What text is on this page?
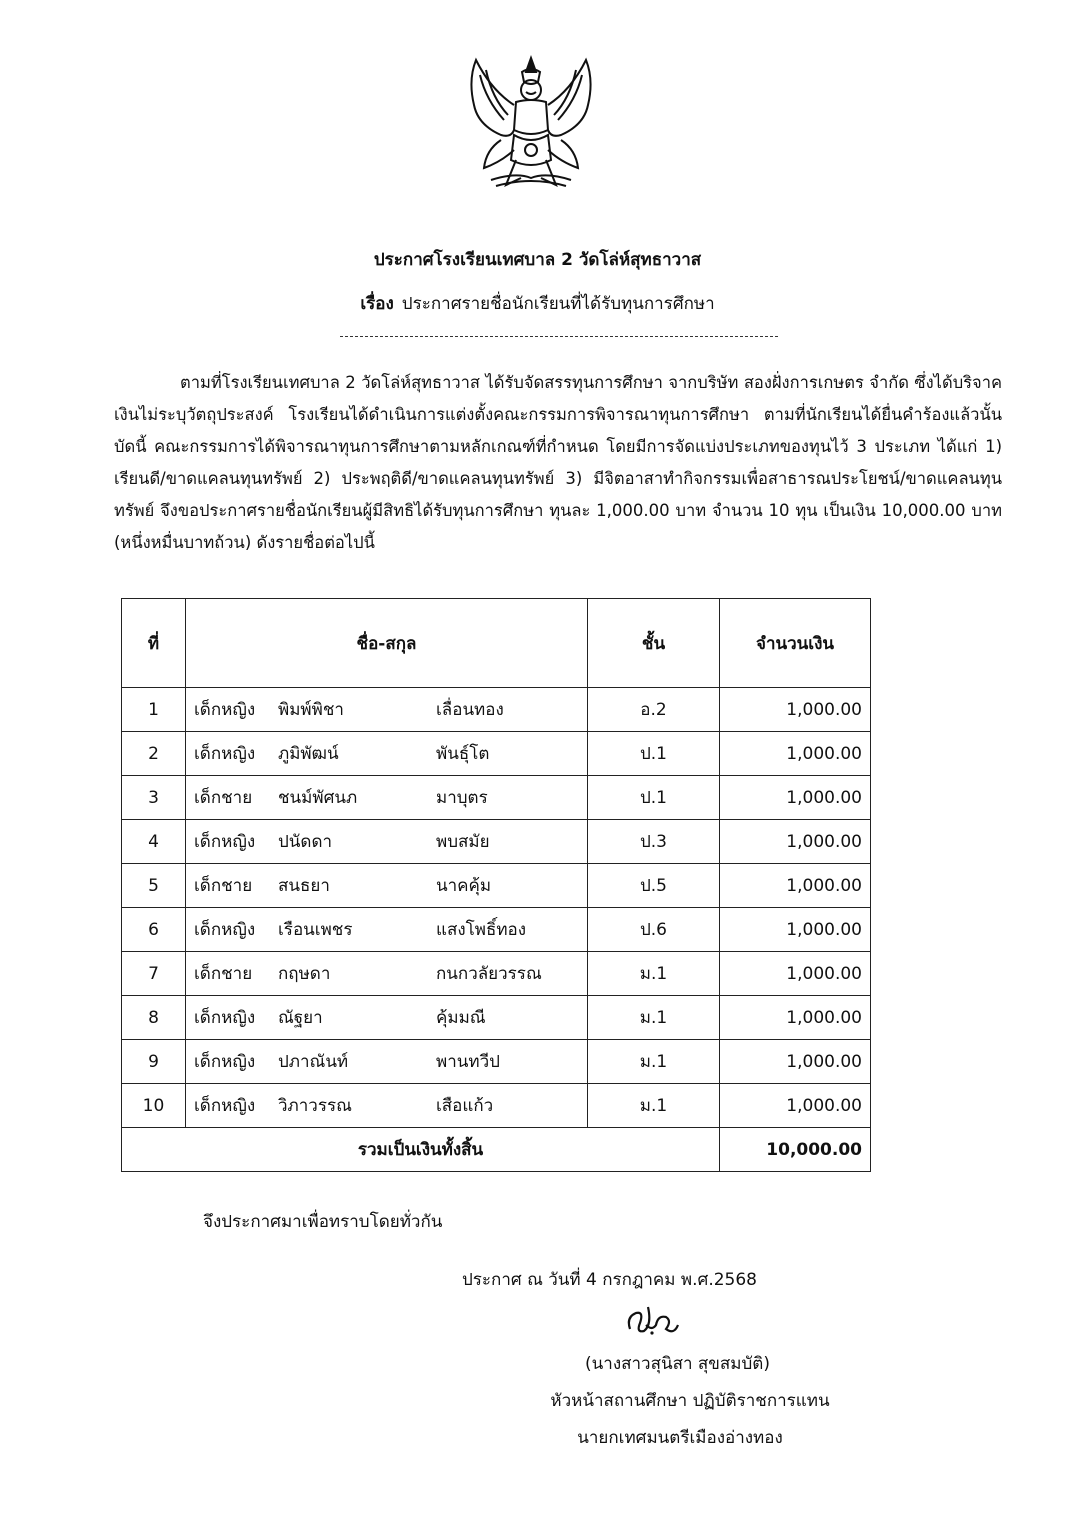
ประกาศโรงเรียนเทศบาล 2 วัดโล่ห์สุทธาวาส
เรื่อง ประกาศรายชื่อนักเรียนที่ได้รับทุนการศึกษา

ตามที่โรงเรียนเทศบาล 2 วัดโล่ห์สุทธาวาส ได้รับจัดสรรทุนการศึกษา จากบริษัท สองฝั่งการเกษตร จำกัด ซึ่งได้บริจาคเงินไม่ระบุวัตถุประสงค์ โรงเรียนได้ดำเนินการแต่งตั้งคณะกรรมการพิจารณาทุนการศึกษา ตามที่นักเรียนได้ยื่นคำร้องแล้วนั้น บัดนี้ คณะกรรมการได้พิจารณาทุนการศึกษาตามหลักเกณฑ์ที่กำหนด โดยมีการจัดแบ่งประเภทของทุนไว้ 3 ประเภท ได้แก่ 1) เรียนดี/ขาดแคลนทุนทรัพย์ 2) ประพฤติดี/ขาดแคลนทุนทรัพย์ 3) มีจิตอาสาทำกิจกรรมเพื่อสาธารณประโยชน์/ขาดแคลนทุนทรัพย์ จึงขอประกาศรายชื่อนักเรียนผู้มีสิทธิได้รับทุนการศึกษา ทุนละ 1,000.00 บาท จำนวน 10 ทุน เป็นเงิน 10,000.00 บาท (หนึ่งหมื่นบาทถ้วน) ดังรายชื่อต่อไปนี้

ที่	ชื่อ-สกุล	ชั้น	จำนวนเงิน
1	เด็กหญิง พิมพ์พิชา เลื่อนทอง	อ.2	1,000.00
2	เด็กหญิง ภูมิพัฒน์ พันธุ์โต	ป.1	1,000.00
3	เด็กชาย ชนม์พัศนภ มาบุตร	ป.1	1,000.00
4	เด็กหญิง ปนัดดา พบสมัย	ป.3	1,000.00
5	เด็กชาย สนธยา นาคคุ้ม	ป.5	1,000.00
6	เด็กหญิง เรือนเพชร แสงโพธิ์ทอง	ป.6	1,000.00
7	เด็กชาย กฤษดา กนกวลัยวรรณ	ม.1	1,000.00
8	เด็กหญิง ณัฐยา คุ้มมณี	ม.1	1,000.00
9	เด็กหญิง ปภาณันท์ พานทวีป	ม.1	1,000.00
10	เด็กหญิง วิภาวรรณ เสือแก้ว	ม.1	1,000.00
รวมเป็นเงินทั้งสิ้น			10,000.00
จึงประกาศมาเพื่อทราบโดยทั่วกัน
ประกาศ ณ วันที่ 4 กรกฎาคม พ.ศ.2568
(นางสาวสุนิสา สุขสมบัติ)
หัวหน้าสถานศึกษา ปฏิบัติราชการแทน
นายกเทศมนตรีเมืองอ่างทอง
